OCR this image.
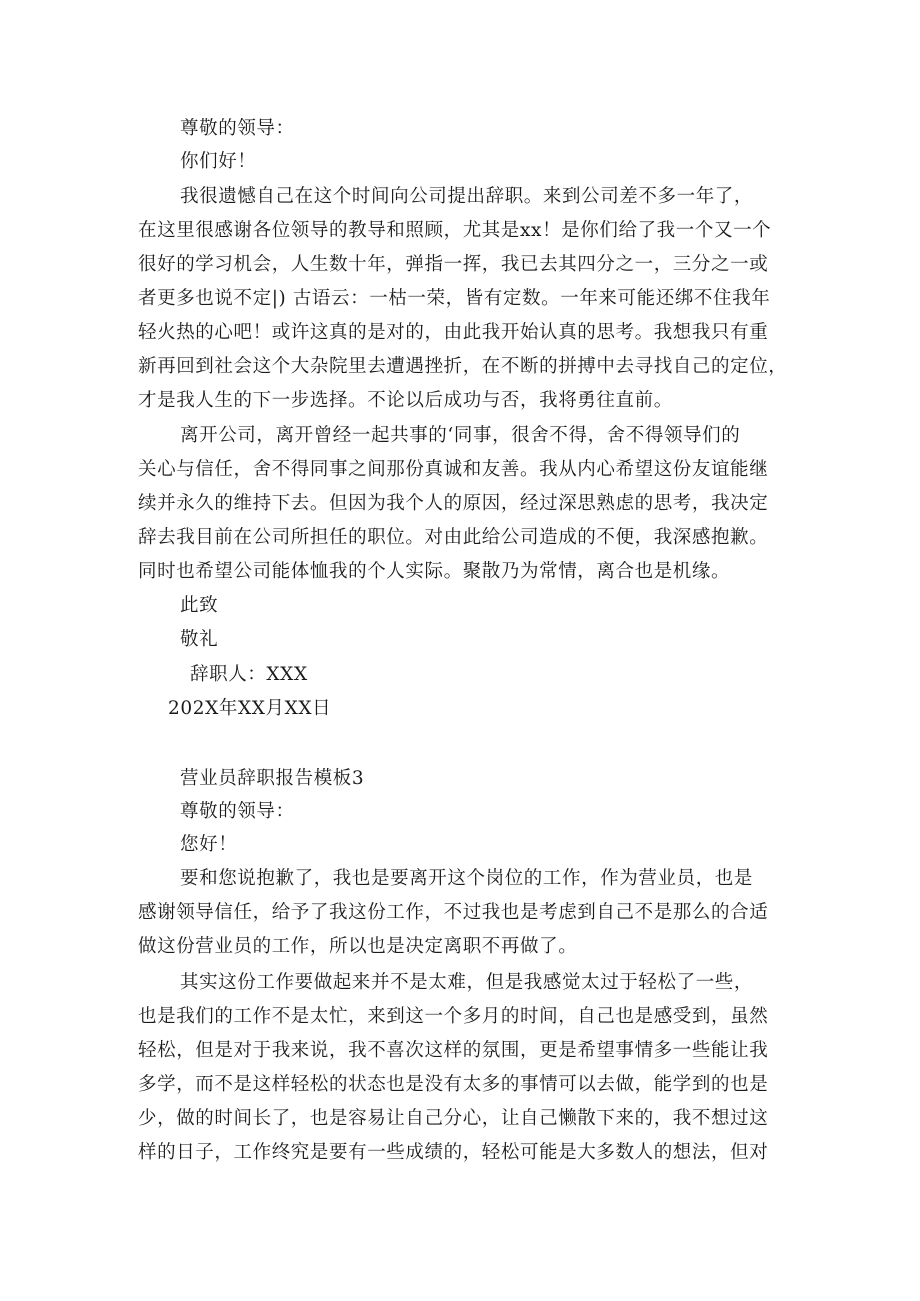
尊敬的领导：
你们好！
我很遗憾自己在这个时间向公司提出辞职。来到公司差不多一年了，
在这里很感谢各位领导的教导和照顾，尤其是xx！是你们给了我一个又一个
很好的学习机会，人生数十年，弹指一挥，我已去其四分之一，三分之一或
者更多也说不定|) 古语云：一枯一荣，皆有定数。一年来可能还绑不住我年
轻火热的心吧！或许这真的是对的，由此我开始认真的思考。我想我只有重
新再回到社会这个大杂院里去遭遇挫折，在不断的拼搏中去寻找自己的定位，
才是我人生的下一步选择。不论以后成功与否，我将勇往直前。
离开公司，离开曾经一起共事的‘同事，很舍不得，舍不得领导们的
关心与信任，舍不得同事之间那份真诚和友善。我从内心希望这份友谊能继
续并永久的维持下去。但因为我个人的原因，经过深思熟虑的思考，我决定
辞去我目前在公司所担任的职位。对由此给公司造成的不便，我深感抱歉。
同时也希望公司能体恤我的个人实际。聚散乃为常情，离合也是机缘。
此致
敬礼
辞职人：XXX
202X年XX月XX日
营业员辞职报告模板3
尊敬的领导：
您好！
要和您说抱歉了，我也是要离开这个岗位的工作，作为营业员，也是
感谢领导信任，给予了我这份工作，不过我也是考虑到自己不是那么的合适
做这份营业员的工作，所以也是决定离职不再做了。
其实这份工作要做起来并不是太难，但是我感觉太过于轻松了一些，
也是我们的工作不是太忙，来到这一个多月的时间，自己也是感受到，虽然
轻松，但是对于我来说，我不喜次这样的氛围，更是希望事情多一些能让我
多学，而不是这样轻松的状态也是没有太多的事情可以去做，能学到的也是
少，做的时间长了，也是容易让自己分心，让自己懒散下来的，我不想过这
样的日子，工作终究是要有一些成绩的，轻松可能是大多数人的想法，但对
